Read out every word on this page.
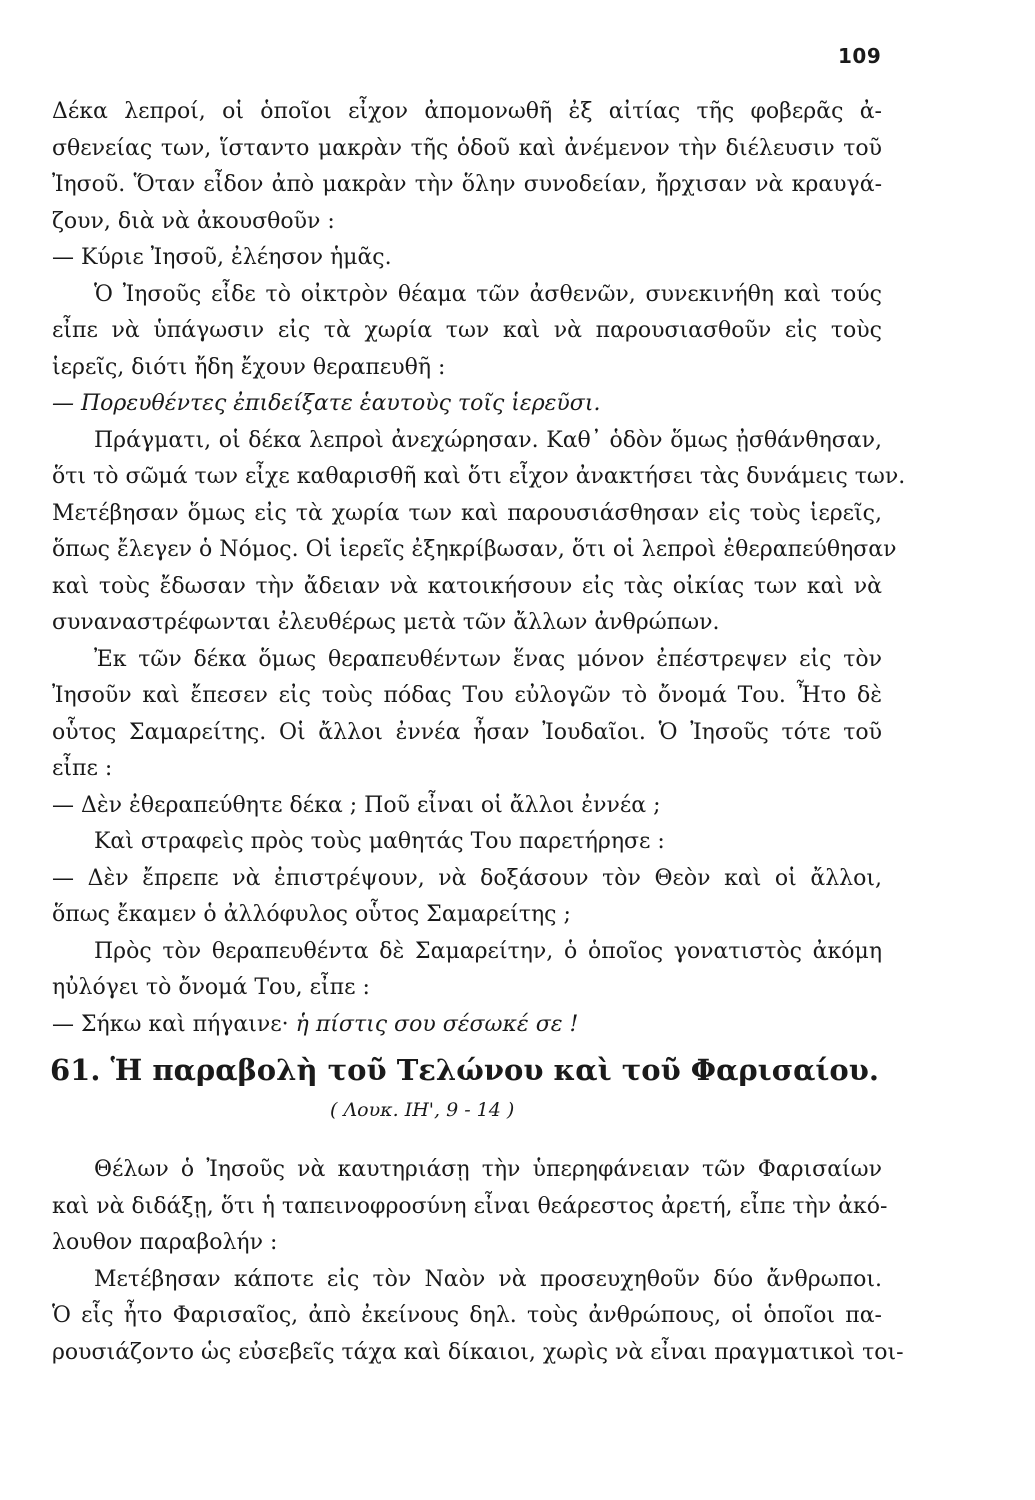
109
Δέκα λεπροί, οἱ ὁποῖοι εἶχον ἀπομονωθῆ ἐξ αἰτίας τῆς φοβερᾶς ἀ-
σθενείας των, ἵσταντο μακρὰν τῆς ὁδοῦ καὶ ἀνέμενον τὴν διέλευσιν τοῦ
Ἰησοῦ. Ὅταν εἶδον ἀπὸ μακρὰν τὴν ὅλην συνοδείαν, ἤρχισαν νὰ κραυγά-
ζουν, διὰ νὰ ἀκουσθοῦν :
— Κύριε Ἰησοῦ, ἐλέησον ἡμᾶς.
Ὁ Ἰησοῦς εἶδε τὸ οἰκτρὸν θέαμα τῶν ἀσθενῶν, συνεκινήθη καὶ τούς
εἶπε νὰ ὑπάγωσιν εἰς τὰ χωρία των καὶ νὰ παρουσιασθοῦν εἰς τοὺς
ἱερεῖς, διότι ἤδη ἔχουν θεραπευθῆ :
— Πορευθέντες ἐπιδείξατε ἑαυτοὺς τοῖς ἱερεῦσι.
Πράγματι, οἱ δέκα λεπροὶ ἀνεχώρησαν. Καθ᾽ ὁδὸν ὅμως ᾐσθάνθησαν,
ὅτι τὸ σῶμά των εἶχε καθαρισθῆ καὶ ὅτι εἶχον ἀνακτήσει τὰς δυνάμεις των.
Μετέβησαν ὅμως εἰς τὰ χωρία των καὶ παρουσιάσθησαν εἰς τοὺς ἱερεῖς,
ὅπως ἔλεγεν ὁ Νόμος. Οἱ ἱερεῖς ἐξηκρίβωσαν, ὅτι οἱ λεπροὶ ἐθεραπεύθησαν
καὶ τοὺς ἔδωσαν τὴν ἄδειαν νὰ κατοικήσουν εἰς τὰς οἰκίας των καὶ νὰ
συναναστρέφωνται ἐλευθέρως μετὰ τῶν ἄλλων ἀνθρώπων.
Ἐκ τῶν δέκα ὅμως θεραπευθέντων ἕνας μόνον ἐπέστρεψεν εἰς τὸν
Ἰησοῦν καὶ ἔπεσεν εἰς τοὺς πόδας Του εὐλογῶν τὸ ὄνομά Του. Ἦτο δὲ
οὗτος Σαμαρείτης. Οἱ ἄλλοι ἐννέα ἦσαν Ἰουδαῖοι. Ὁ Ἰησοῦς τότε τοῦ
εἶπε :
— Δὲν ἐθεραπεύθητε δέκα ; Ποῦ εἶναι οἱ ἄλλοι ἐννέα ;
Καὶ στραφεὶς πρὸς τοὺς μαθητάς Του παρετήρησε :
— Δὲν ἔπρεπε νὰ ἐπιστρέψουν, νὰ δοξάσουν τὸν Θεὸν καὶ οἱ ἄλλοι,
ὅπως ἔκαμεν ὁ ἀλλόφυλος οὗτος Σαμαρείτης ;
Πρὸς τὸν θεραπευθέντα δὲ Σαμαρείτην, ὁ ὁποῖος γονατιστὸς ἀκόμη
ηὐλόγει τὸ ὄνομά Του, εἶπε :
— Σήκω καὶ πήγαινε· ἡ πίστις σου σέσωκέ σε !
61. Ἡ παραβολὴ τοῦ Τελώνου καὶ τοῦ Φαρισαίου.
( Λουκ. ΙΗ', 9 - 14 )
Θέλων ὁ Ἰησοῦς νὰ καυτηριάσῃ τὴν ὑπερηφάνειαν τῶν Φαρισαίων
καὶ νὰ διδάξῃ, ὅτι ἡ ταπεινοφροσύνη εἶναι θεάρεστος ἀρετή, εἶπε τὴν ἀκό-
λουθον παραβολήν :
Μετέβησαν κάποτε εἰς τὸν Ναὸν νὰ προσευχηθοῦν δύο ἄνθρωποι.
Ὁ εἷς ἦτο Φαρισαῖος, ἀπὸ ἐκείνους δηλ. τοὺς ἀνθρώπους, οἱ ὁποῖοι πα-
ρουσιάζοντο ὡς εὐσεβεῖς τάχα καὶ δίκαιοι, χωρὶς νὰ εἶναι πραγματικοὶ τοι-
